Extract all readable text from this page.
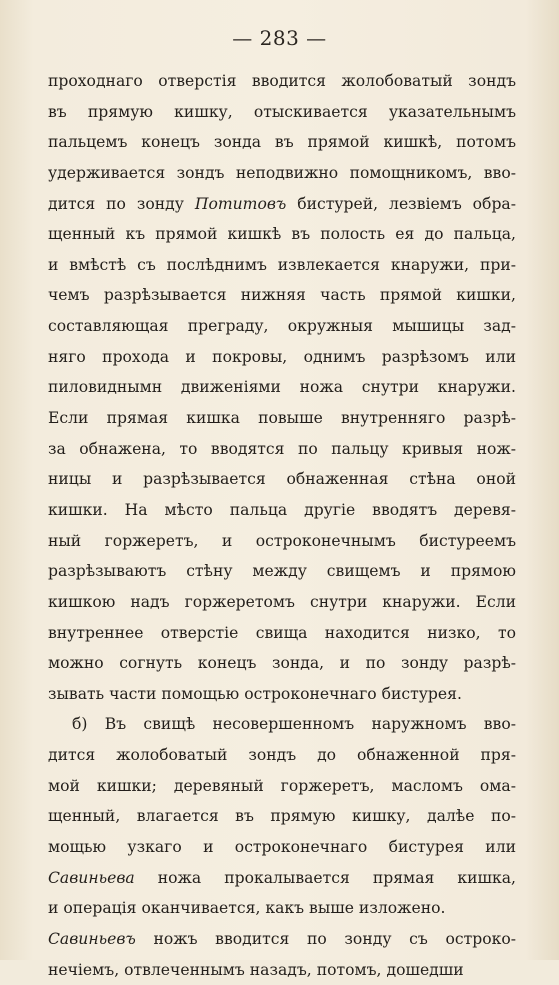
— 283 —
проходнаго отверстія вводится жолобоватый зондъ
въ прямую кишку, отыскивается указательнымъ
пальцемъ конецъ зонда въ прямой кишкѣ, потомъ
удерживается зондъ неподвижно помощникомъ, вво-
дится по зонду Потитовъ бистурей, лезвіемъ обра-
щенный къ прямой кишкѣ въ полость ея до пальца,
и вмѣстѣ съ послѣднимъ извлекается кнаружи, при-
чемъ разрѣзывается нижняя часть прямой кишки,
составляющая преграду, окружныя мышицы зад-
няго прохода и покровы, однимъ разрѣзомъ или
пиловиднымн движеніями ножа снутри кнаружи.
Если прямая кишка повыше внутренняго разрѣ-
за обнажена, то вводятся по пальцу кривыя нож-
ницы и разрѣзывается обнаженная стѣна оной
кишки. На мѣсто пальца другіе вводятъ деревя-
ный горжеретъ, и остроконечнымъ бистуреемъ
разрѣзываютъ стѣну между свищемъ и прямою
кишкою надъ горжеретомъ снутри кнаружи. Если
внутреннее отверстіе свища находится низко, то
можно согнуть конецъ зонда, и по зонду разрѣ-
зывать части помощью остроконечнаго бистурея.
б) Въ свищѣ несовершенномъ наружномъ вво-
дится жолобоватый зондъ до обнаженной пря-
мой кишки; деревяный горжеретъ, масломъ ома-
щенный, влагается въ прямую кишку, далѣе по-
мощью узкаго и остроконечнаго бистурея или
Савиньева ножа прокалывается прямая кишка,
и операція оканчивается, какъ выше изложено.
Савиньевъ ножъ вводится по зонду съ остроко-
нечіемъ, отвлеченнымъ назадъ, потомъ, дошедши
